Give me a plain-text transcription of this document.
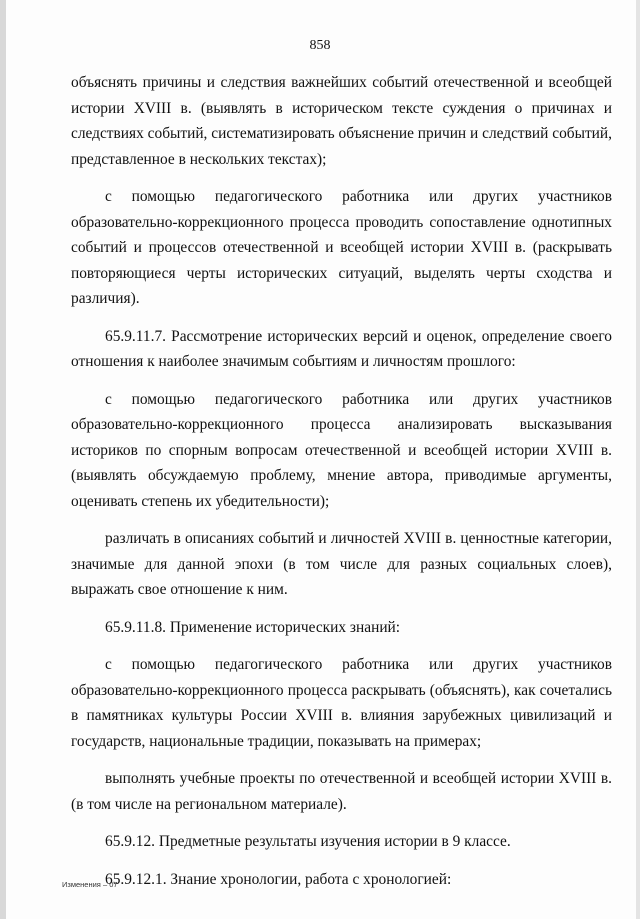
858

объяснять причины и следствия важнейших событий отечественной и всеобщей истории XVIII в. (выявлять в историческом тексте суждения о причинах и следствиях событий, систематизировать объяснение причин и следствий событий, представленное в нескольких текстах);

с помощью педагогического работника или других участников образовательно-коррекционного процесса проводить сопоставление однотипных событий и процессов отечественной и всеобщей истории XVIII в. (раскрывать повторяющиеся черты исторических ситуаций, выделять черты сходства и различия).

65.9.11.7. Рассмотрение исторических версий и оценок, определение своего отношения к наиболее значимым событиям и личностям прошлого:

с помощью педагогического работника или других участников образовательно-коррекционного процесса анализировать высказывания историков по спорным вопросам отечественной и всеобщей истории XVIII в. (выявлять обсуждаемую проблему, мнение автора, приводимые аргументы, оценивать степень их убедительности);

различать в описаниях событий и личностей XVIII в. ценностные категории, значимые для данной эпохи (в том числе для разных социальных слоев), выражать свое отношение к ним.

65.9.11.8. Применение исторических знаний:

с помощью педагогического работника или других участников образовательно-коррекционного процесса раскрывать (объяснять), как сочетались в памятниках культуры России XVIII в. влияния зарубежных цивилизаций и государств, национальные традиции, показывать на примерах;

выполнять учебные проекты по отечественной и всеобщей истории XVIII в. (в том числе на региональном материале).

65.9.12. Предметные результаты изучения истории в 9 классе.

65.9.12.1. Знание хронологии, работа с хронологией:

Изменения – 07
